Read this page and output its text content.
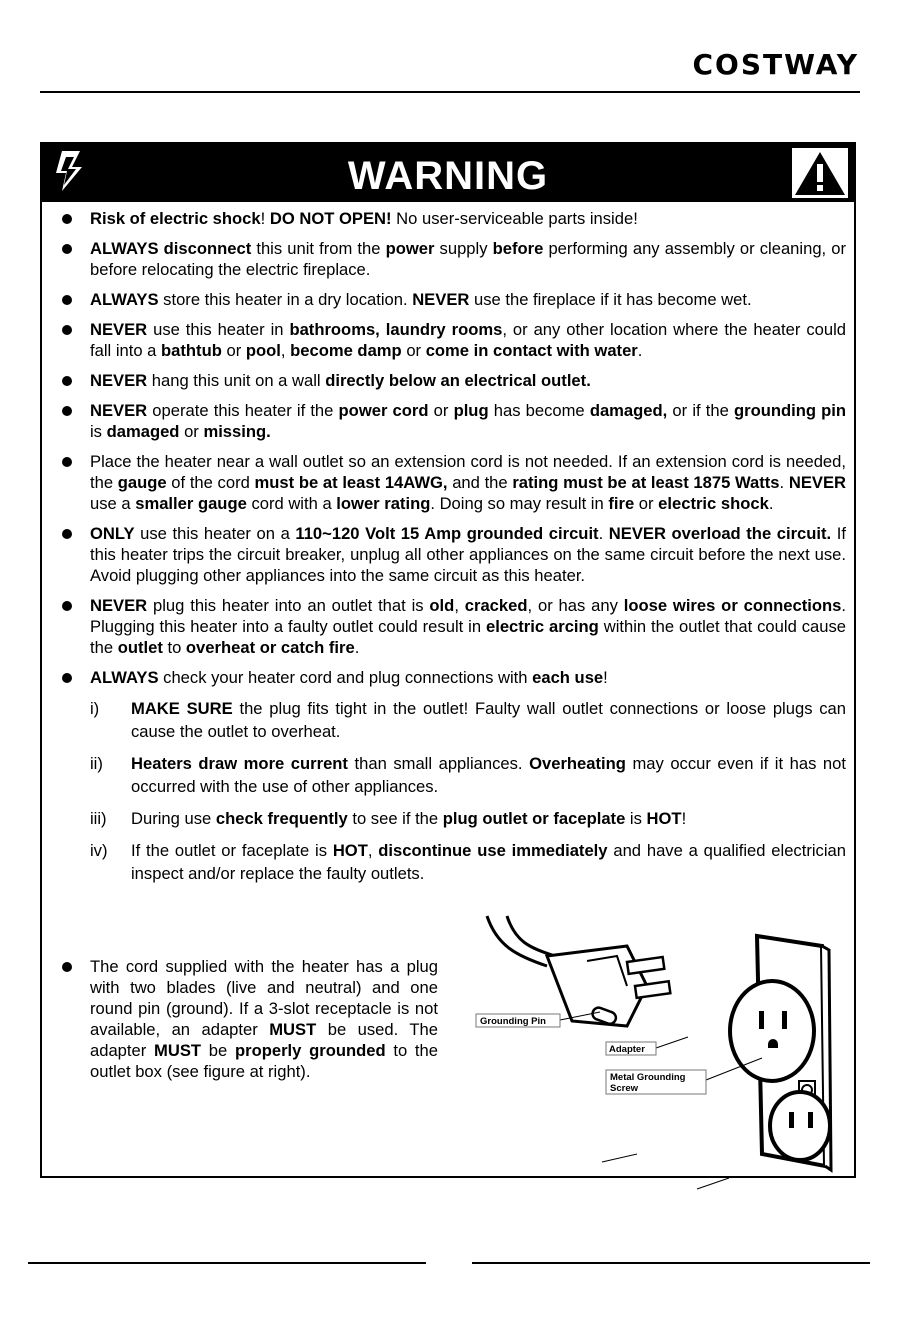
COSTWAY
WARNING
Risk of electric shock! DO NOT OPEN! No user-serviceable parts inside!
ALWAYS disconnect this unit from the power supply before performing any assembly or cleaning, or before relocating the electric fireplace.
ALWAYS store this heater in a dry location. NEVER use the fireplace if it has become wet.
NEVER use this heater in bathrooms, laundry rooms, or any other location where the heater could fall into a bathtub or pool, become damp or come in contact with water.
NEVER hang this unit on a wall directly below an electrical outlet.
NEVER operate this heater if the power cord or plug has become damaged, or if the grounding pin is damaged or missing.
Place the heater near a wall outlet so an extension cord is not needed. If an extension cord is needed, the gauge of the cord must be at least 14AWG, and the rating must be at least 1875 Watts. NEVER use a smaller gauge cord with a lower rating. Doing so may result in fire or electric shock.
ONLY use this heater on a 110~120 Volt 15 Amp grounded circuit. NEVER overload the circuit. If this heater trips the circuit breaker, unplug all other appliances on the same circuit before the next use. Avoid plugging other appliances into the same circuit as this heater.
NEVER plug this heater into an outlet that is old, cracked, or has any loose wires or connections. Plugging this heater into a faulty outlet could result in electric arcing within the outlet that could cause the outlet to overheat or catch fire.
ALWAYS check your heater cord and plug connections with each use!
i) MAKE SURE the plug fits tight in the outlet! Faulty wall outlet connections or loose plugs can cause the outlet to overheat.
ii) Heaters draw more current than small appliances. Overheating may occur even if it has not occurred with the use of other appliances.
iii) During use check frequently to see if the plug outlet or faceplate is HOT!
iv) If the outlet or faceplate is HOT, discontinue use immediately and have a qualified electrician inspect and/or replace the faulty outlets.
The cord supplied with the heater has a plug with two blades (live and neutral) and one round pin (ground). If a 3-slot receptacle is not available, an adapter MUST be used. The adapter MUST be properly grounded to the outlet box (see figure at right).
Grounding Pin
Adapter
Grounding Pin
Adapter
Metal Grounding
Screw
